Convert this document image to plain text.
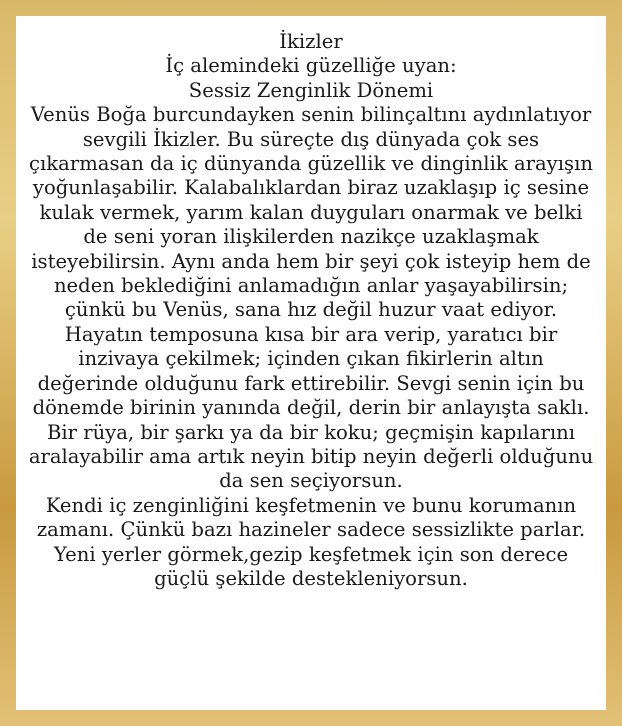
İkizler
İç alemindeki güzelliğe uyan:
Sessiz Zenginlik Dönemi
Venüs Boğa burcundayken senin bilinçaltını aydınlatıyor
sevgili İkizler. Bu süreçte dış dünyada çok ses
çıkarmasan da iç dünyanda güzellik ve dinginlik arayışın
yoğunlaşabilir. Kalabalıklardan biraz uzaklaşıp iç sesine
kulak vermek, yarım kalan duyguları onarmak ve belki
de seni yoran ilişkilerden nazikçe uzaklaşmak
isteyebilirsin. Aynı anda hem bir şeyi çok isteyip hem de
neden beklediğini anlamadığın anlar yaşayabilirsin;
çünkü bu Venüs, sana hız değil huzur vaat ediyor.
Hayatın temposuna kısa bir ara verip, yaratıcı bir
inzivaya çekilmek; içinden çıkan fikirlerin altın
değerinde olduğunu fark ettirebilir. Sevgi senin için bu
dönemde birinin yanında değil, derin bir anlayışta saklı.
Bir rüya, bir şarkı ya da bir koku; geçmişin kapılarını
aralayabilir ama artık neyin bitip neyin değerli olduğunu
da sen seçiyorsun.
Kendi iç zenginliğini keşfetmenin ve bunu korumanın
zamanı. Çünkü bazı hazineler sadece sessizlikte parlar.
Yeni yerler görmek,gezip keşfetmek için son derece
güçlü şekilde destekleniyorsun.
